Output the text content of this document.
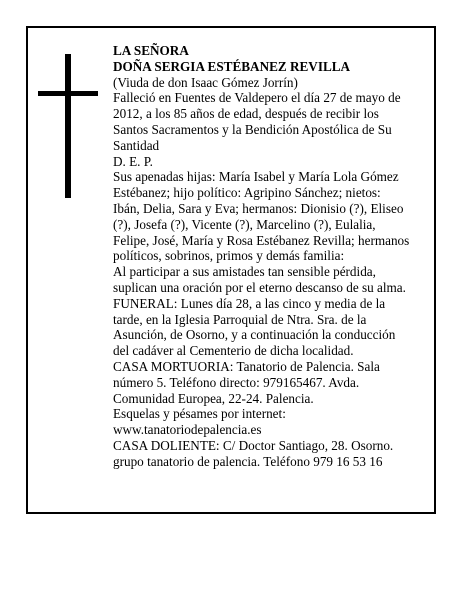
LA SEÑORA

DOÑA SERGIA ESTÉBANEZ REVILLA

(Viuda de don Isaac Gómez Jorrín)

Falleció en Fuentes de Valdepero el día 27 de mayo de
2012, a los 85 años de edad, después de recibir los
Santos Sacramentos y la Bendición Apostólica de Su
Santidad

D. E. P.

Sus apenadas hijas: María Isabel y María Lola Gómez
Estébanez; hijo político: Agripino Sánchez; nietos:
Ibán, Delia, Sara y Eva; hermanos: Dionisio (?), Eliseo
(?), Josefa (?), Vicente (?), Marcelino (?), Eulalia,
Felipe, José, María y Rosa Estébanez Revilla; hermanos
políticos, sobrinos, primos y demás familia:

Al participar a sus amistades tan sensible pérdida,
suplican una oración por el eterno descanso de su alma.

FUNERAL: Lunes día 28, a las cinco y media de la
tarde, en la Iglesia Parroquial de Ntra. Sra. de la
Asunción, de Osorno, y a continuación la conducción
del cadáver al Cementerio de dicha localidad.

CASA MORTUORIA: Tanatorio de Palencia. Sala
número 5. Teléfono directo: 979165467. Avda.
Comunidad Europea, 22-24. Palencia.

Esquelas y pésames por internet:
www.tanatoriodepalencia.es

CASA DOLIENTE: C/ Doctor Santiago, 28. Osorno.
grupo tanatorio de palencia. Teléfono 979 16 53 16
